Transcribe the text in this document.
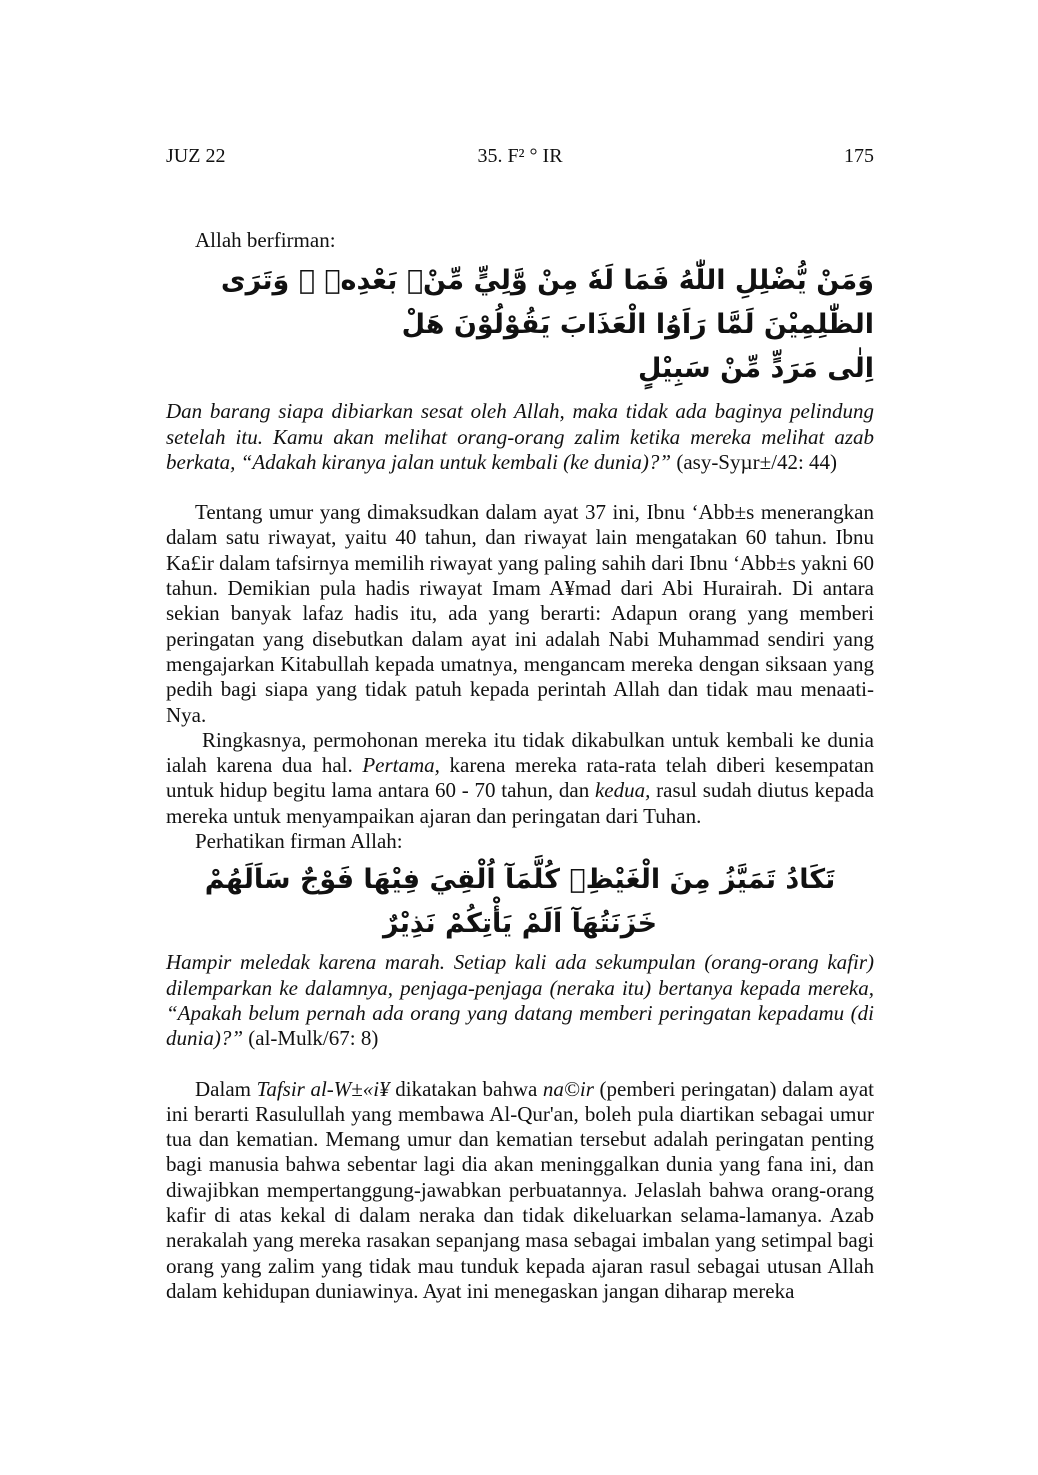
JUZ 22	35. F² ° IR	175

Allah berfirman:

وَمَنْ يُّضْلِلِ اللّٰهُ فَمَا لَهٗ مِنْ وَّلِيٍّ مِّنْۢ بَعْدِهٖ ۗ وَتَرَى الظّٰلِمِيْنَ لَمَّا رَاَوُا الْعَذَابَ يَقُوْلُوْنَ هَلْ

اِلٰى مَرَدٍّ مِّنْ سَبِيْلٍ

Dan barang siapa dibiarkan sesat oleh Allah, maka tidak ada baginya pelindung setelah itu. Kamu akan melihat orang-orang zalim ketika mereka melihat azab berkata, “Adakah kiranya jalan untuk kembali (ke dunia)?” (asy-Syµr±/42: 44)

Tentang umur yang dimaksudkan dalam ayat 37 ini, Ibnu ‘Abb±s menerangkan dalam satu riwayat, yaitu 40 tahun, dan riwayat lain mengatakan 60 tahun. Ibnu Ka£ir dalam tafsirnya memilih riwayat yang paling sahih dari Ibnu ‘Abb±s yakni 60 tahun. Demikian pula hadis riwayat Imam A¥mad dari Abi Hurairah. Di antara sekian banyak lafaz hadis itu, ada yang berarti: Adapun orang yang memberi peringatan yang disebutkan dalam ayat ini adalah Nabi Muhammad sendiri yang mengajarkan Kitabullah kepada umatnya, mengancam mereka dengan siksaan yang pedih bagi siapa yang tidak patuh kepada perintah Allah dan tidak mau menaati-Nya.

Ringkasnya, permohonan mereka itu tidak dikabulkan untuk kembali ke dunia ialah karena dua hal. Pertama, karena mereka rata-rata telah diberi kesempatan untuk hidup begitu lama antara 60 - 70 tahun, dan kedua, rasul sudah diutus kepada mereka untuk menyampaikan ajaran dan peringatan dari Tuhan.

Perhatikan firman Allah:

تَكَادُ تَمَيَّزُ مِنَ الْغَيْظِۗ كُلَّمَآ اُلْقِيَ فِيْهَا فَوْجٌ سَاَلَهُمْ خَزَنَتُهَآ اَلَمْ يَأْتِكُمْ نَذِيْرٌ

Hampir meledak karena marah. Setiap kali ada sekumpulan (orang-orang kafir) dilemparkan ke dalamnya, penjaga-penjaga (neraka itu) bertanya kepada mereka, “Apakah belum pernah ada orang yang datang memberi peringatan kepadamu (di dunia)?” (al-Mulk/67: 8)

Dalam Tafsir al-W±«i¥ dikatakan bahwa na©ir (pemberi peringatan) dalam ayat ini berarti Rasulullah yang membawa Al-Qur'an, boleh pula diartikan sebagai umur tua dan kematian. Memang umur dan kematian tersebut adalah peringatan penting bagi manusia bahwa sebentar lagi dia akan meninggalkan dunia yang fana ini, dan diwajibkan mempertanggung-jawabkan perbuatannya. Jelaslah bahwa orang-orang kafir di atas kekal di dalam neraka dan tidak dikeluarkan selama-lamanya. Azab nerakalah yang mereka rasakan sepanjang masa sebagai imbalan yang setimpal bagi orang yang zalim yang tidak mau tunduk kepada ajaran rasul sebagai utusan Allah dalam kehidupan duniawinya. Ayat ini menegaskan jangan diharap mereka
